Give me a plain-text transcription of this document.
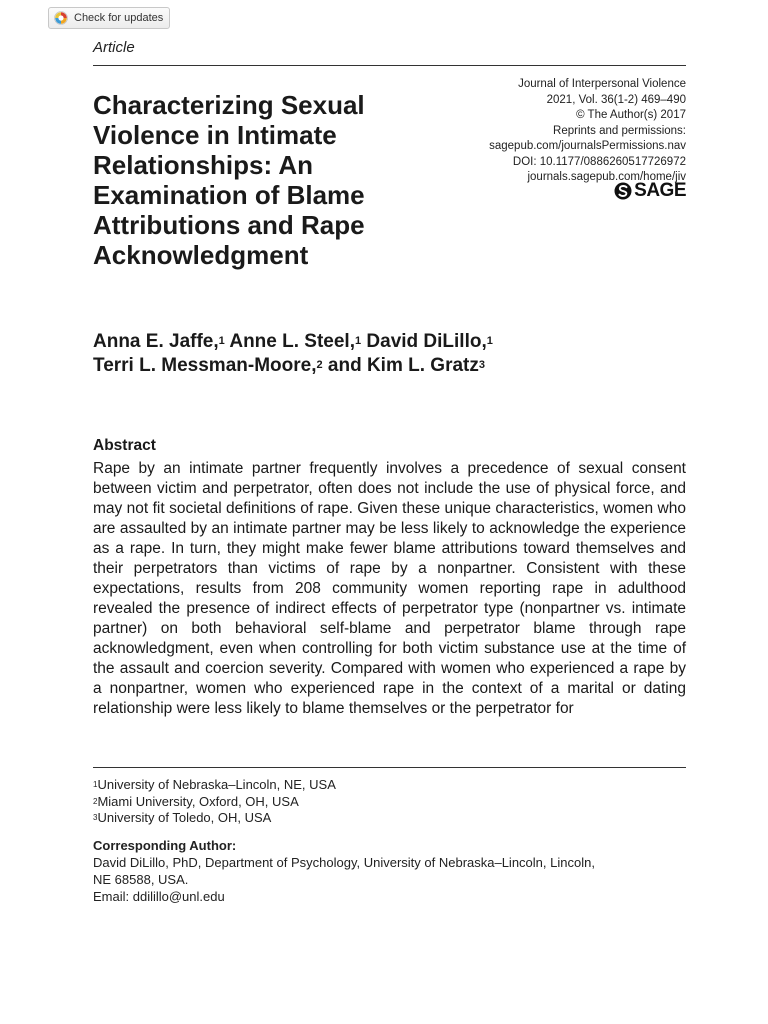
Check for updates
Article
Journal of Interpersonal Violence
2021, Vol. 36(1-2) 469–490
© The Author(s) 2017
Reprints and permissions:
sagepub.com/journalsPermissions.nav
DOI: 10.1177/0886260517726972
journals.sagepub.com/home/jiv
SAGE
Characterizing Sexual Violence in Intimate Relationships: An Examination of Blame Attributions and Rape Acknowledgment
Anna E. Jaffe,$^1$ Anne L. Steel,$^1$ David DiLillo,$^1$
Terri L. Messman-Moore,$^2$ and Kim L. Gratz$^3$
Abstract

Rape by an intimate partner frequently involves a precedence of sexual consent between victim and perpetrator, often does not include the use of physical force, and may not fit societal definitions of rape. Given these unique characteristics, women who are assaulted by an intimate partner may be less likely to acknowledge the experience as a rape. In turn, they might make fewer blame attributions toward themselves and their perpetrators than victims of rape by a nonpartner. Consistent with these expectations, results from 208 community women reporting rape in adulthood revealed the presence of indirect effects of perpetrator type (nonpartner vs. intimate partner) on both behavioral self-blame and perpetrator blame through rape acknowledgment, even when controlling for both victim substance use at the time of the assault and coercion severity. Compared with women who experienced a rape by a nonpartner, women who experienced rape in the context of a marital or dating relationship were less likely to blame themselves or the perpetrator for

$^1$University of Nebraska–Lincoln, NE, USA
$^2$Miami University, Oxford, OH, USA
$^3$University of Toledo, OH, USA
Corresponding Author:
David DiLillo, PhD, Department of Psychology, University of Nebraska–Lincoln, Lincoln,
NE 68588, USA.
Email: ddilillo@unl.edu
